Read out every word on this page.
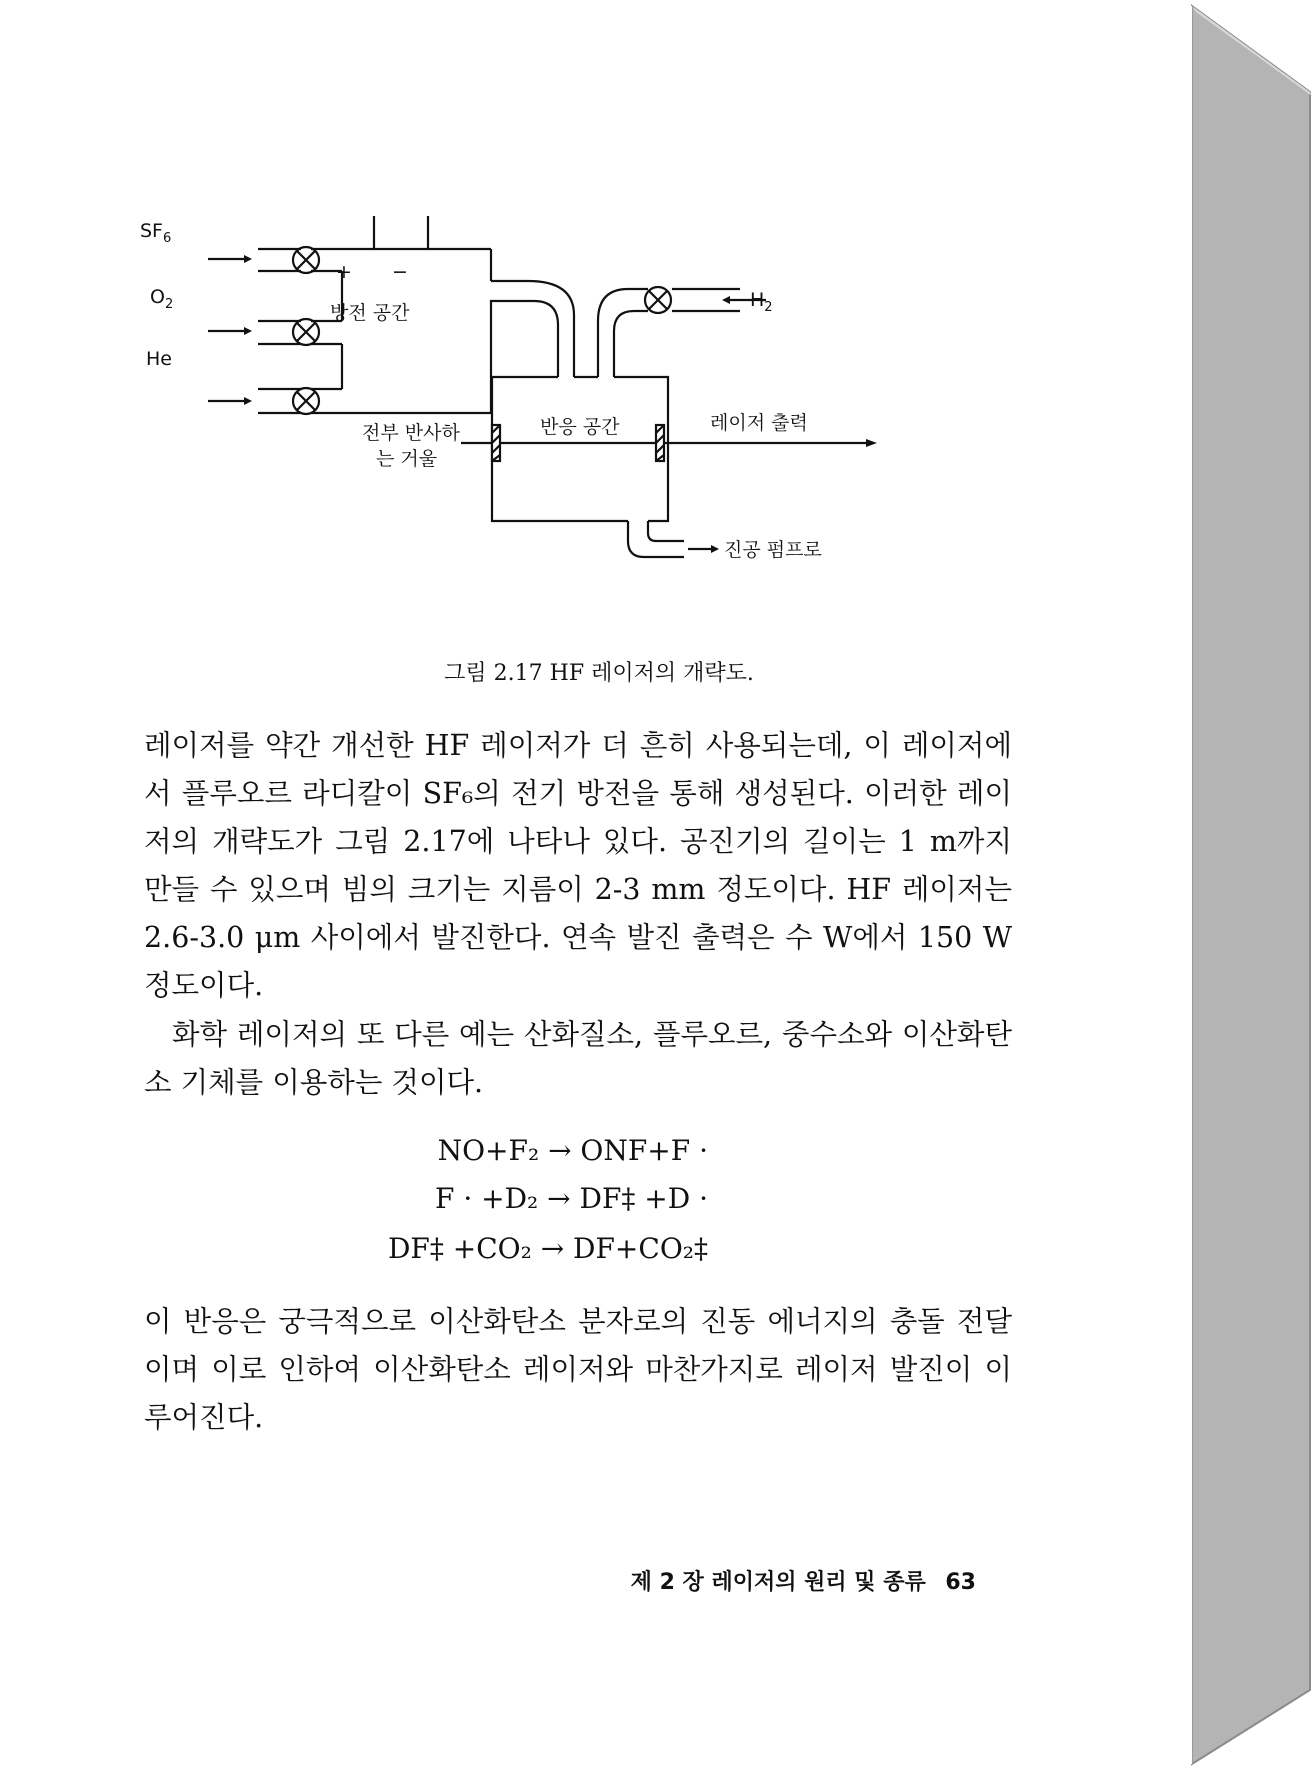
$SF_6$
$O_2$
He
+ −
방전 공간
$H_2$
반응 공간
전부 반사하
는 거울
레이저 출력
진공 펌프로
그림 2.17 HF 레이저의 개략도.

레이저를 약간 개선한 HF 레이저가 더 흔히 사용되는데, 이 레이저에서 플루오르 라디칼이 SF₆의 전기 방전을 통해 생성된다. 이러한 레이저의 개략도가 그림 2.17에 나타나 있다. 공진기의 길이는 1 m까지 만들 수 있으며 빔의 크기는 지름이 2-3 mm 정도이다. HF 레이저는 2.6-3.0 μm 사이에서 발진한다. 연속 발진 출력은 수 W에서 150 W 정도이다.

화학 레이저의 또 다른 예는 산화질소, 플루오르, 중수소와 이산화탄소 기체를 이용하는 것이다.

NO+F₂ → ONF+F ·
F · +D₂ → DF‡ +D ·
DF‡ +CO₂ → DF+CO₂‡

이 반응은 궁극적으로 이산화탄소 분자로의 진동 에너지의 충돌 전달이며 이로 인하여 이산화탄소 레이저와 마찬가지로 레이저 발진이 이루어진다.

제 2 장 레이저의 원리 및 종류 63
